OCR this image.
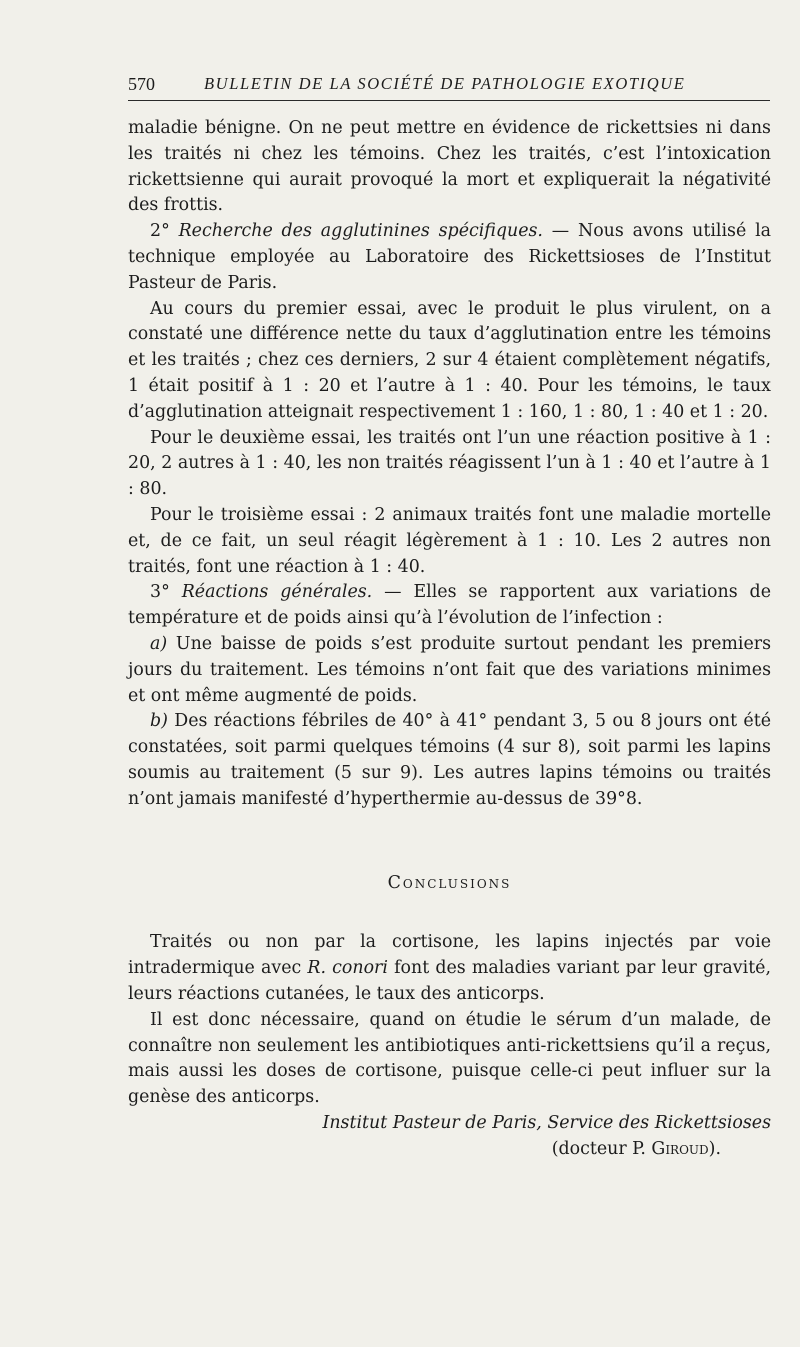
570	BULLETIN DE LA SOCIÉTÉ DE PATHOLOGIE EXOTIQUE

maladie bénigne. On ne peut mettre en évidence de rickettsies ni dans les traités ni chez les témoins. Chez les traités, c’est l’intoxication rickettsienne qui aurait provoqué la mort et expliquerait la négativité des frottis.

2° Recherche des agglutinines spécifiques. — Nous avons utilisé la technique employée au Laboratoire des Rickettsioses de l’Institut Pasteur de Paris.

Au cours du premier essai, avec le produit le plus virulent, on a constaté une différence nette du taux d’agglutination entre les témoins et les traités ; chez ces derniers, 2 sur 4 étaient complètement négatifs, 1 était positif à 1 : 20 et l’autre à 1 : 40. Pour les témoins, le taux d’agglutination atteignait respectivement 1 : 160, 1 : 80, 1 : 40 et 1 : 20.

Pour le deuxième essai, les traités ont l’un une réaction positive à 1 : 20, 2 autres à 1 : 40, les non traités réagissent l’un à 1 : 40 et l’autre à 1 : 80.

Pour le troisième essai : 2 animaux traités font une maladie mortelle et, de ce fait, un seul réagit légèrement à 1 : 10. Les 2 autres non traités, font une réaction à 1 : 40.

3° Réactions générales. — Elles se rapportent aux variations de température et de poids ainsi qu’à l’évolution de l’infection :

a) Une baisse de poids s’est produite surtout pendant les premiers jours du traitement. Les témoins n’ont fait que des variations minimes et ont même augmenté de poids.

b) Des réactions fébriles de 40° à 41° pendant 3, 5 ou 8 jours ont été constatées, soit parmi quelques témoins (4 sur 8), soit parmi les lapins soumis au traitement (5 sur 9). Les autres lapins témoins ou traités n’ont jamais manifesté d’hyperthermie au-dessus de 39°8.

Conclusions

Traités ou non par la cortisone, les lapins injectés par voie intradermique avec R. conori font des maladies variant par leur gravité, leurs réactions cutanées, le taux des anticorps.

Il est donc nécessaire, quand on étudie le sérum d’un malade, de connaître non seulement les antibiotiques anti-rickettsiens qu’il a reçus, mais aussi les doses de cortisone, puisque celle-ci peut influer sur la genèse des anticorps.

Institut Pasteur de Paris, Service des Rickettsioses
(docteur P. Giroud).
